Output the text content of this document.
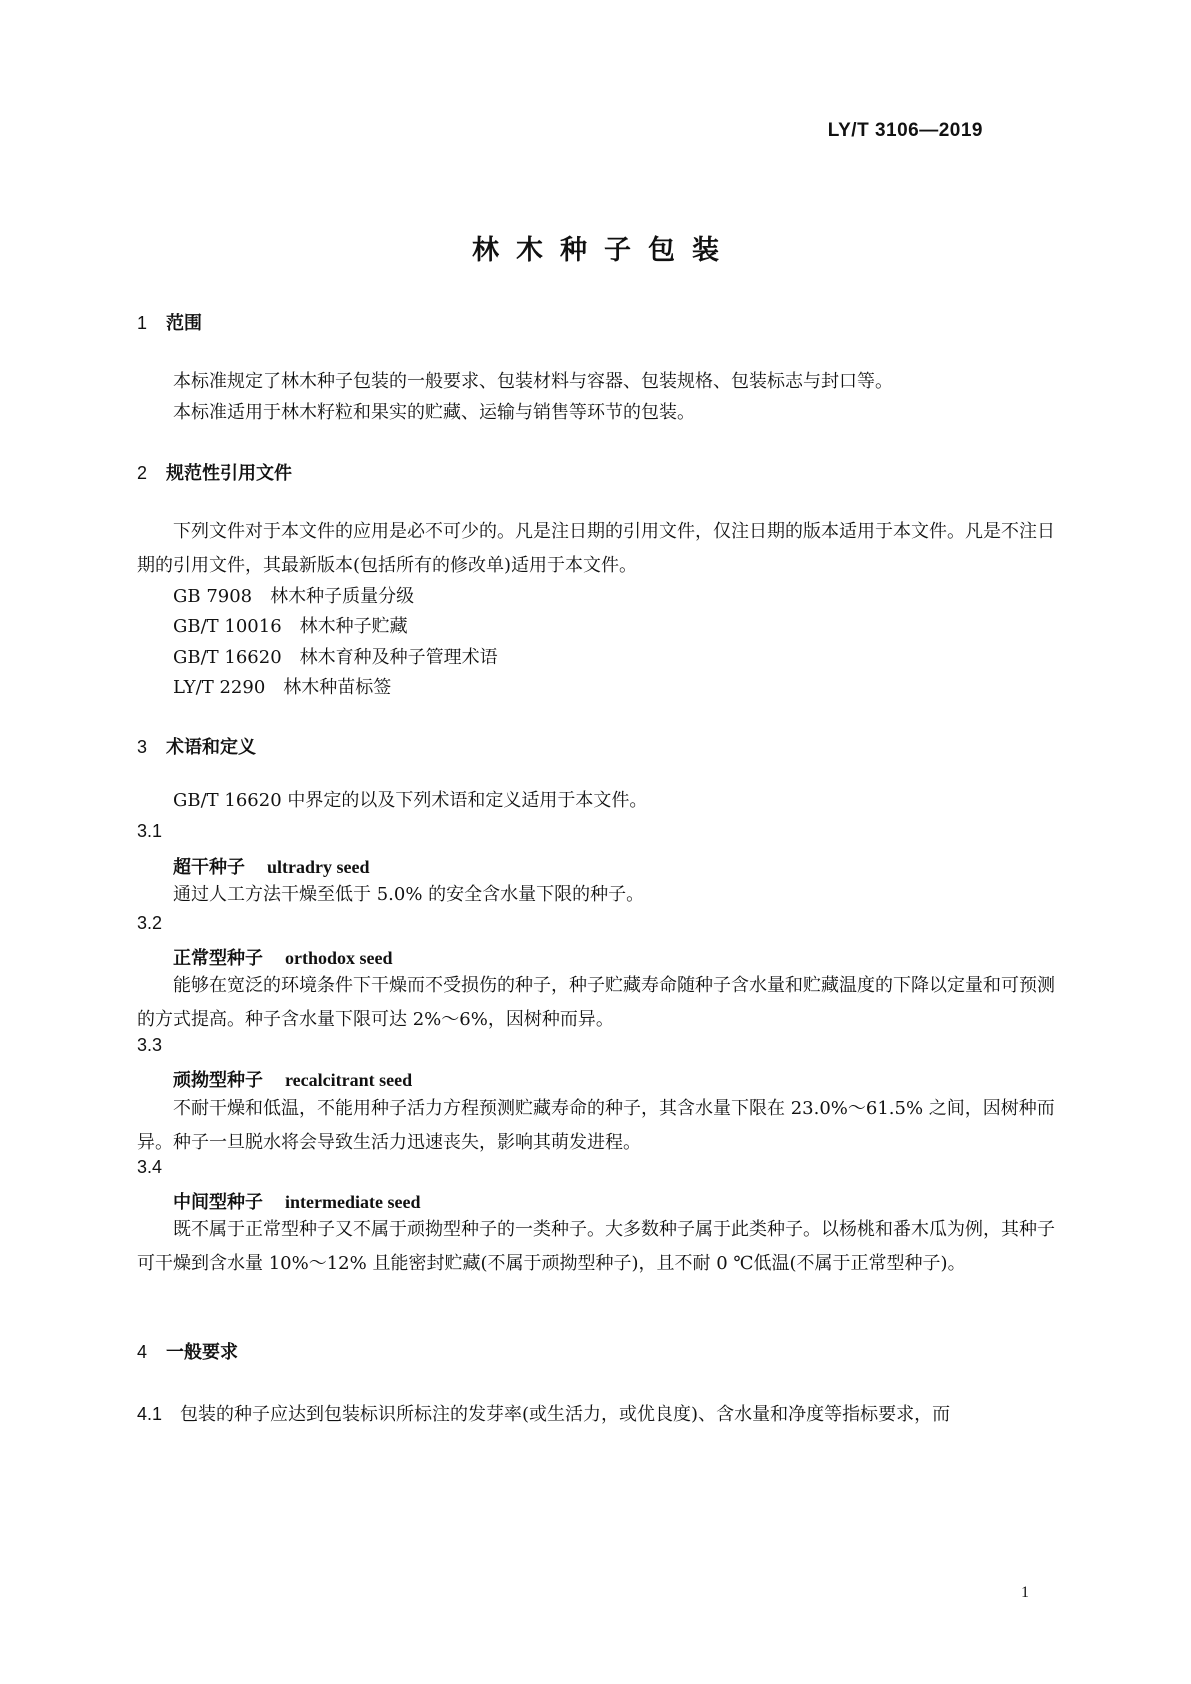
LY/T 3106—2019
林木种子包装
1 范围

本标准规定了林木种子包装的一般要求、包装材料与容器、包装规格、包装标志与封口等。

本标准适用于林木籽粒和果实的贮藏、运输与销售等环节的包装。

2 规范性引用文件

下列文件对于本文件的应用是必不可少的。凡是注日期的引用文件，仅注日期的版本适用于本文件。凡是不注日期的引用文件，其最新版本(包括所有的修改单)适用于本文件。

GB 7908  林木种子质量分级
GB/T 10016  林木种子贮藏
GB/T 16620  林木育种及种子管理术语
LY/T 2290  林木种苗标签
3 术语和定义

GB/T 16620 中界定的以及下列术语和定义适用于本文件。

3.1
超干种子 ultradry seed

通过人工方法干燥至低于 5.0% 的安全含水量下限的种子。

3.2
正常型种子 orthodox seed

能够在宽泛的环境条件下干燥而不受损伤的种子，种子贮藏寿命随种子含水量和贮藏温度的下降以定量和可预测的方式提高。种子含水量下限可达 2%～6%，因树种而异。

3.3
顽拗型种子 recalcitrant seed

不耐干燥和低温，不能用种子活力方程预测贮藏寿命的种子，其含水量下限在 23.0%～61.5% 之间，因树种而异。种子一旦脱水将会导致生活力迅速丧失，影响其萌发进程。

3.4
中间型种子 intermediate seed

既不属于正常型种子又不属于顽拗型种子的一类种子。大多数种子属于此类种子。以杨桃和番木瓜为例，其种子可干燥到含水量 10%～12% 且能密封贮藏(不属于顽拗型种子)，且不耐 0 ℃低温(不属于正常型种子)。

4 一般要求
4.1 包装的种子应达到包装标识所标注的发芽率(或生活力，或优良度)、含水量和净度等指标要求，而
1
